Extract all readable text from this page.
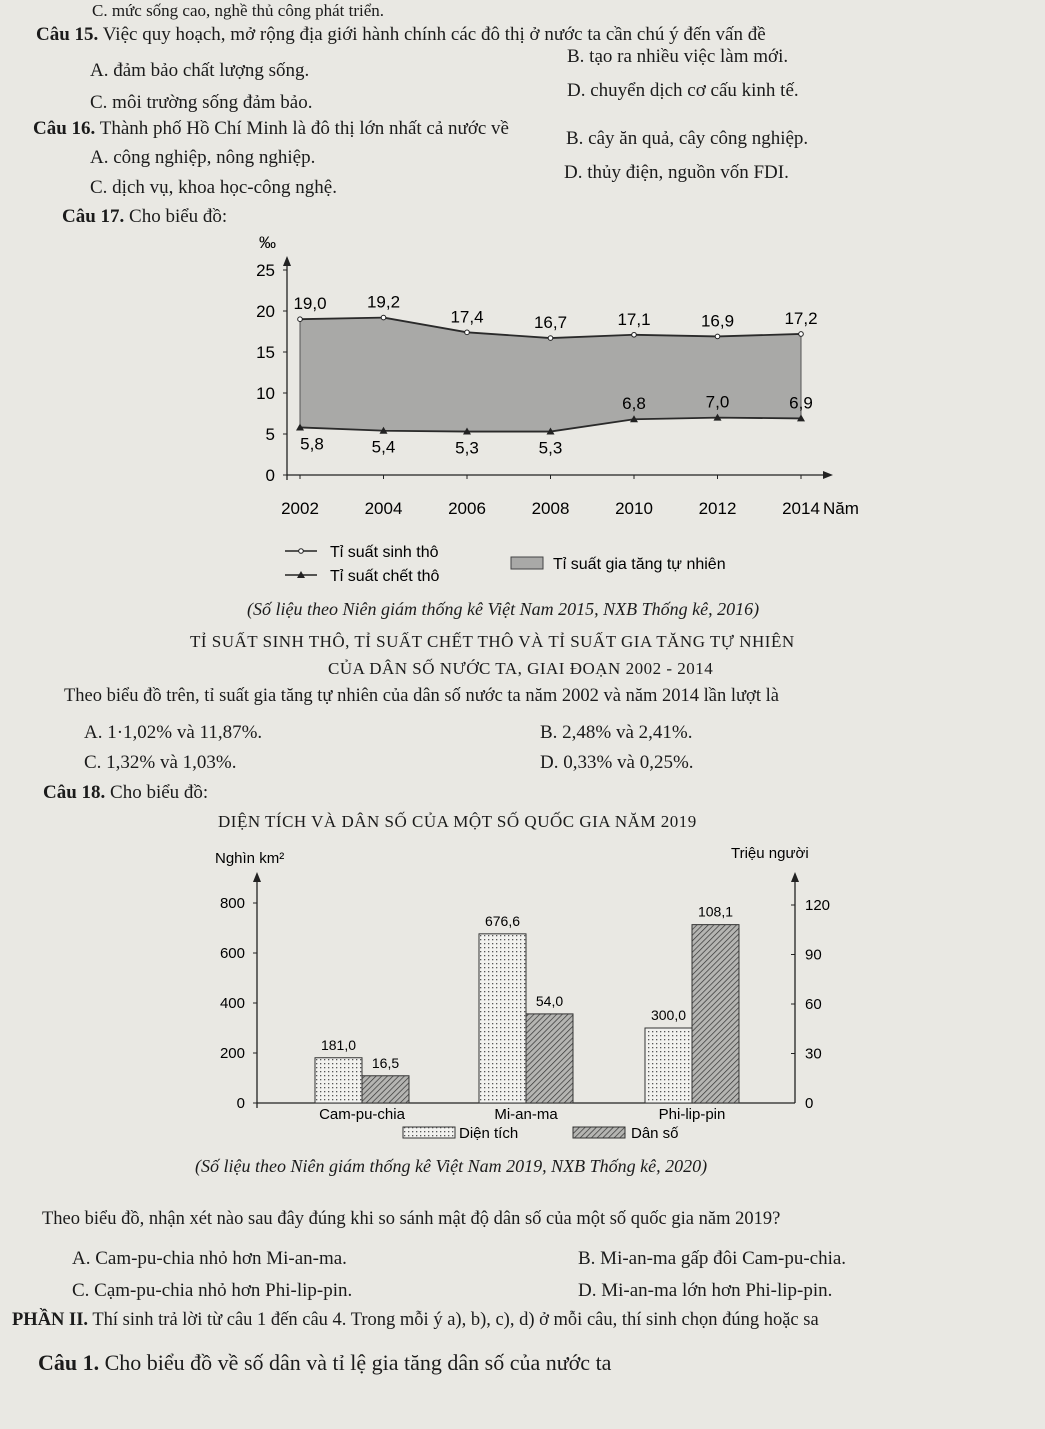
C. mức sống cao, nghề thủ công phát triển.
Câu 15. Việc quy hoạch, mở rộng địa giới hành chính các đô thị ở nước ta cần chú ý đến vấn đề
B. tạo ra nhiều việc làm mới.
A. đảm bảo chất lượng sống.
D. chuyển dịch cơ cấu kinh tế.
C. môi trường sống đảm bảo.
Câu 16. Thành phố Hồ Chí Minh là đô thị lớn nhất cả nước về	B. cây ăn quả, cây công nghiệp.
A. công nghiệp, nông nghiệp.
D. thủy điện, nguồn vốn FDI.
C. dịch vụ, khoa học-công nghệ.
Câu 17. Cho biểu đồ:
‰
0
5
10
15
20
25
19,0 19,2
17,4	16,7	17,1	16,9	17,2
5,8	5,4	5,3	5,3
6,8	7,0	6,9
2002	2004	2006	2008	2010	2012	2014 Năm
Tỉ suất sinh thô
Tỉ suất chết thô
Tỉ suất gia tăng tự nhiên
(Số liệu theo Niên giám thống kê Việt Nam 2015, NXB Thống kê, 2016)
TỈ SUẤT SINH THÔ, TỈ SUẤT CHẾT THÔ VÀ TỈ SUẤT GIA TĂNG TỰ NHIÊN
CỦA DÂN SỐ NƯỚC TA, GIAI ĐOẠN 2002 - 2014
Theo biểu đồ trên, tỉ suất gia tăng tự nhiên của dân số nước ta năm 2002 và năm 2014 lần lượt là
A. 1·1,02% và 11,87%.	B. 2,48% và 2,41%.
C. 1,32% và 1,03%.	D. 0,33% và 0,25%.
Câu 18. Cho biểu đồ:
DIỆN TÍCH VÀ DÂN SỐ CỦA MỘT SỐ QUỐC GIA NĂM 2019
Nghìn km²	Triệu người
0
200
400
600
800
0
30
60
90
120
181,0
16,5
Cam-pu-chia
676,6
54,0
Mi-an-ma
300,0
108,1
Phi-lip-pin
Diện tích	Dân số
(Số liệu theo Niên giám thống kê Việt Nam 2019, NXB Thống kê, 2020)
Theo biểu đồ, nhận xét nào sau đây đúng khi so sánh mật độ dân số của một số quốc gia năm 2019?
A. Cam-pu-chia nhỏ hơn Mi-an-ma.	B. Mi-an-ma gấp đôi Cam-pu-chia.
C. Cạm-pu-chia nhỏ hơn Phi-lip-pin.	D. Mi-an-ma lớn hơn Phi-lip-pin.
PHẦN II. Thí sinh trả lời từ câu 1 đến câu 4. Trong mỗi ý a), b), c), d) ở mỗi câu, thí sinh chọn đúng hoặc sa
Câu 1. Cho biểu đồ về số dân và tỉ lệ gia tăng dân số của nước ta
